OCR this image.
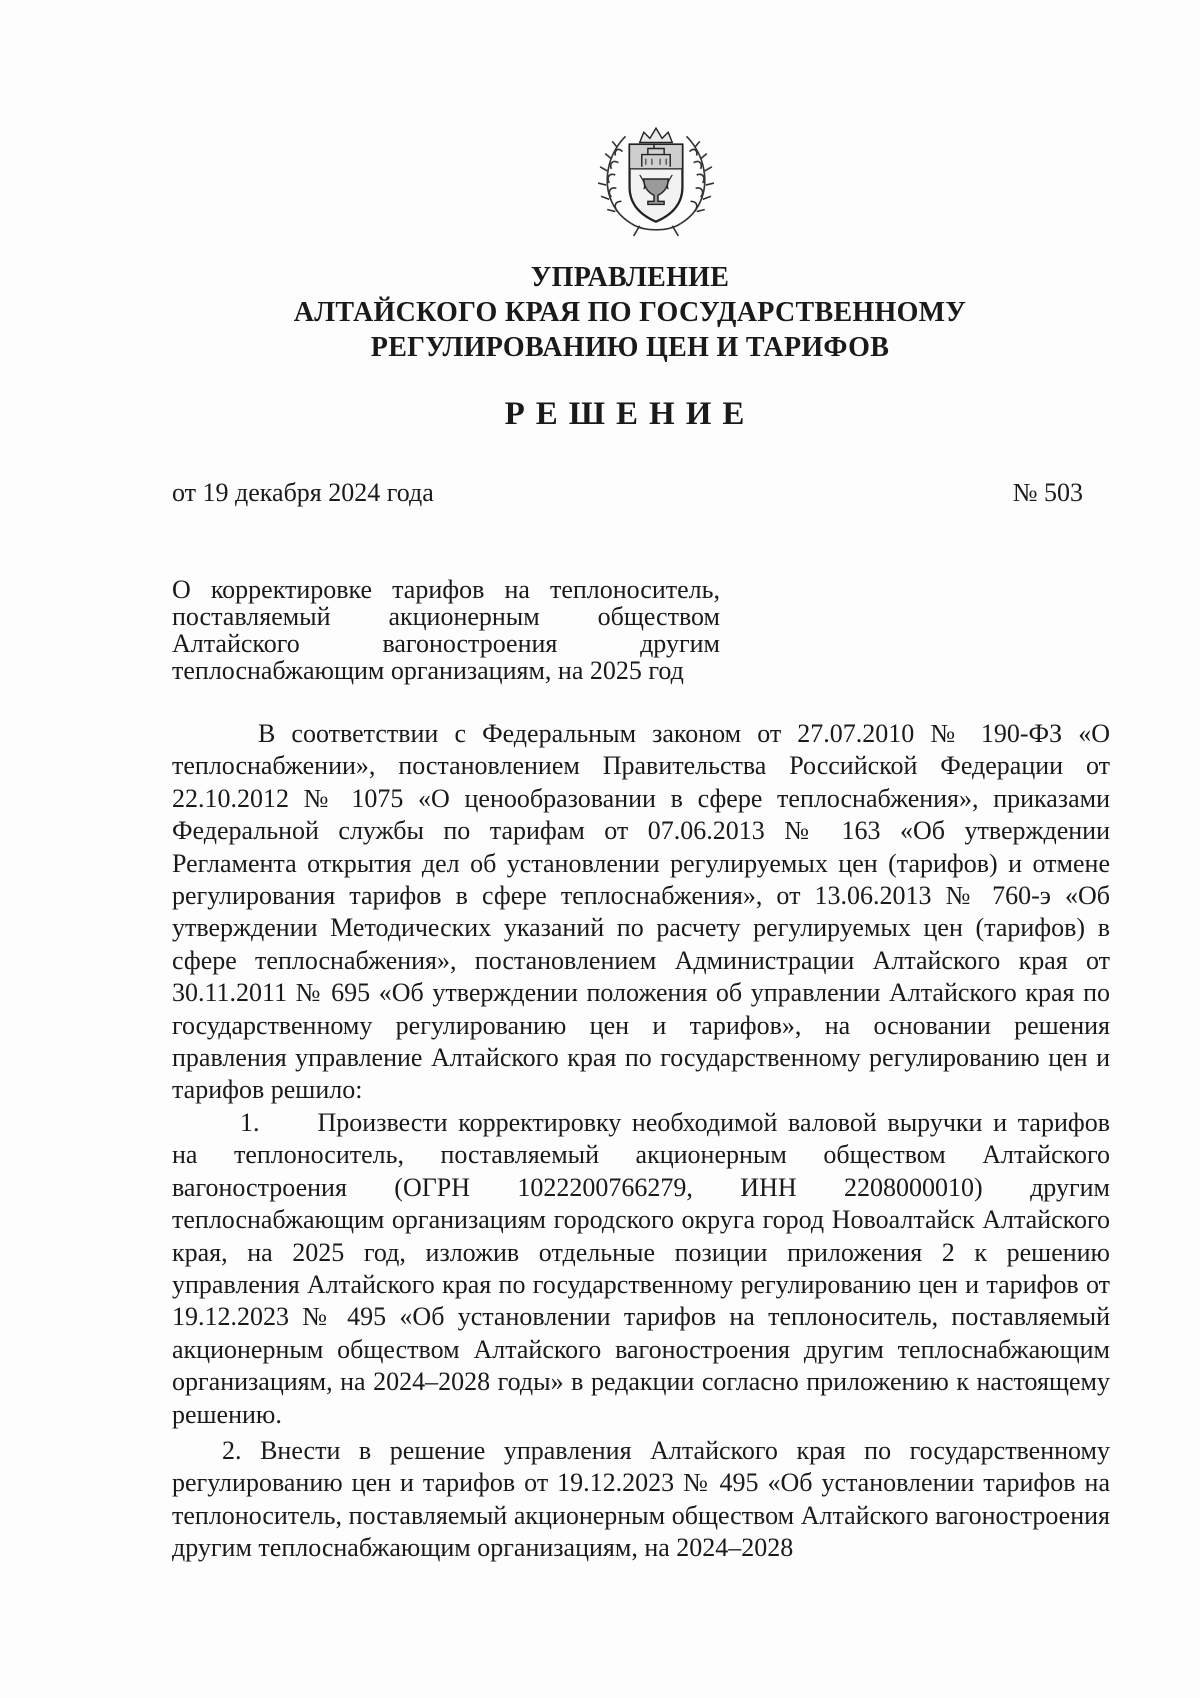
УПРАВЛЕНИЕ
АЛТАЙСКОГО КРАЯ ПО ГОСУДАРСТВЕННОМУ
РЕГУЛИРОВАНИЮ ЦЕН И ТАРИФОВ
РЕШЕНИЕ
от 19 декабря 2024 года	№ 503
О корректировке тарифов на теплоноситель, поставляемый акционерным обществом Алтайского вагоностроения другим теплоснабжающим организациям, на 2025 год

В соответствии с Федеральным законом от 27.07.2010 № 190-ФЗ «О теплоснабжении», постановлением Правительства Российской Федерации от 22.10.2012 № 1075 «О ценообразовании в сфере теплоснабжения», приказами Федеральной службы по тарифам от 07.06.2013 № 163 «Об утверждении Регламента открытия дел об установлении регулируемых цен (тарифов) и отмене регулирования тарифов в сфере теплоснабжения», от 13.06.2013 № 760-э «Об утверждении Методических указаний по расчету регулируемых цен (тарифов) в сфере теплоснабжения», постановлением Администрации Алтайского края от 30.11.2011 № 695 «Об утверждении положения об управлении Алтайского края по государственному регулированию цен и тарифов», на основании решения правления управление Алтайского края по государственному регулированию цен и тарифов решило:

1. Произвести корректировку необходимой валовой выручки и тарифов на теплоноситель, поставляемый акционерным обществом Алтайского вагоностроения (ОГРН 1022200766279, ИНН 2208000010) другим теплоснабжающим организациям городского округа город Новоалтайск Алтайского края, на 2025 год, изложив отдельные позиции приложения 2 к решению управления Алтайского края по государственному регулированию цен и тарифов от 19.12.2023 № 495 «Об установлении тарифов на теплоноситель, поставляемый акционерным обществом Алтайского вагоностроения другим теплоснабжающим организациям, на 2024–2028 годы» в редакции согласно приложению к настоящему решению.

2. Внести в решение управления Алтайского края по государственному регулированию цен и тарифов от 19.12.2023 № 495 «Об установлении тарифов на теплоноситель, поставляемый акционерным обществом Алтайского вагоностроения другим теплоснабжающим организациям, на 2024–2028
